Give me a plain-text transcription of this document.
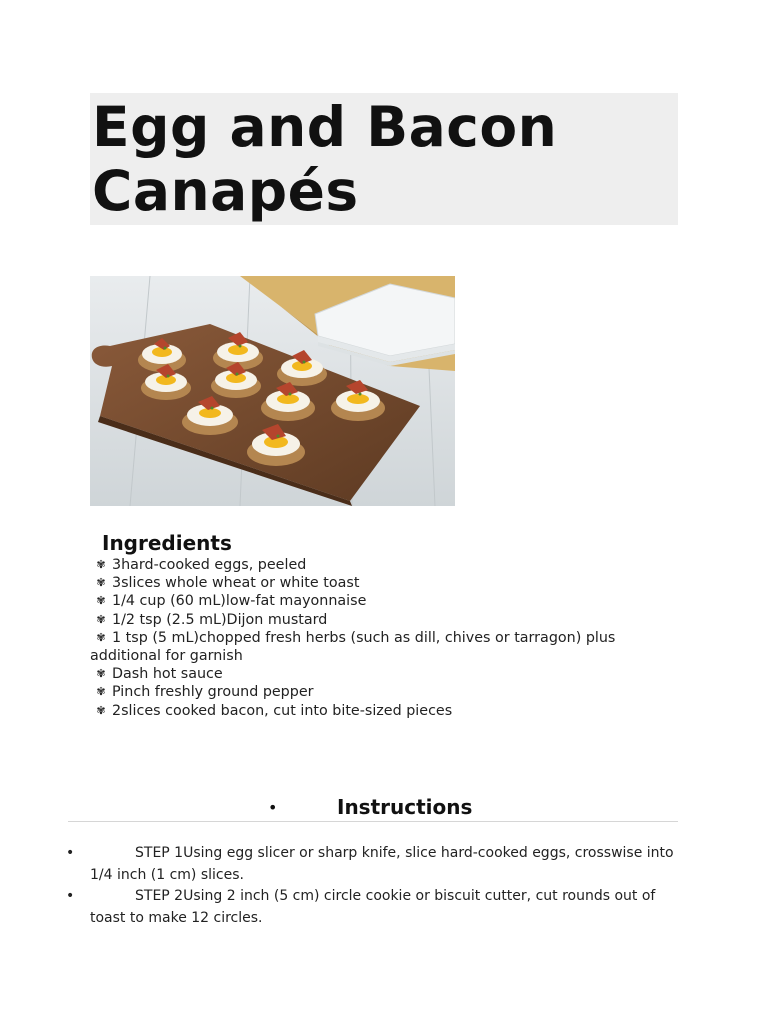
Egg and Bacon Canapés
Ingredients
✾ 3hard-cooked eggs, peeled
✾ 3slices whole wheat or white toast
✾ 1/4 cup (60 mL)low-fat mayonnaise
✾ 1/2 tsp (2.5 mL)Dijon mustard
✾ 1 tsp (5 mL)chopped fresh herbs (such as dill, chives or tarragon) plus additional for garnish
✾ Dash hot sauce
✾ Pinch freshly ground pepper
✾ 2slices cooked bacon, cut into bite-sized pieces
•	Instructions
•	STEP 1Using egg slicer or sharp knife, slice hard-cooked eggs, crosswise into 1/4 inch (1 cm) slices.
•	STEP 2Using 2 inch (5 cm) circle cookie or biscuit cutter, cut rounds out of toast to make 12 circles.
